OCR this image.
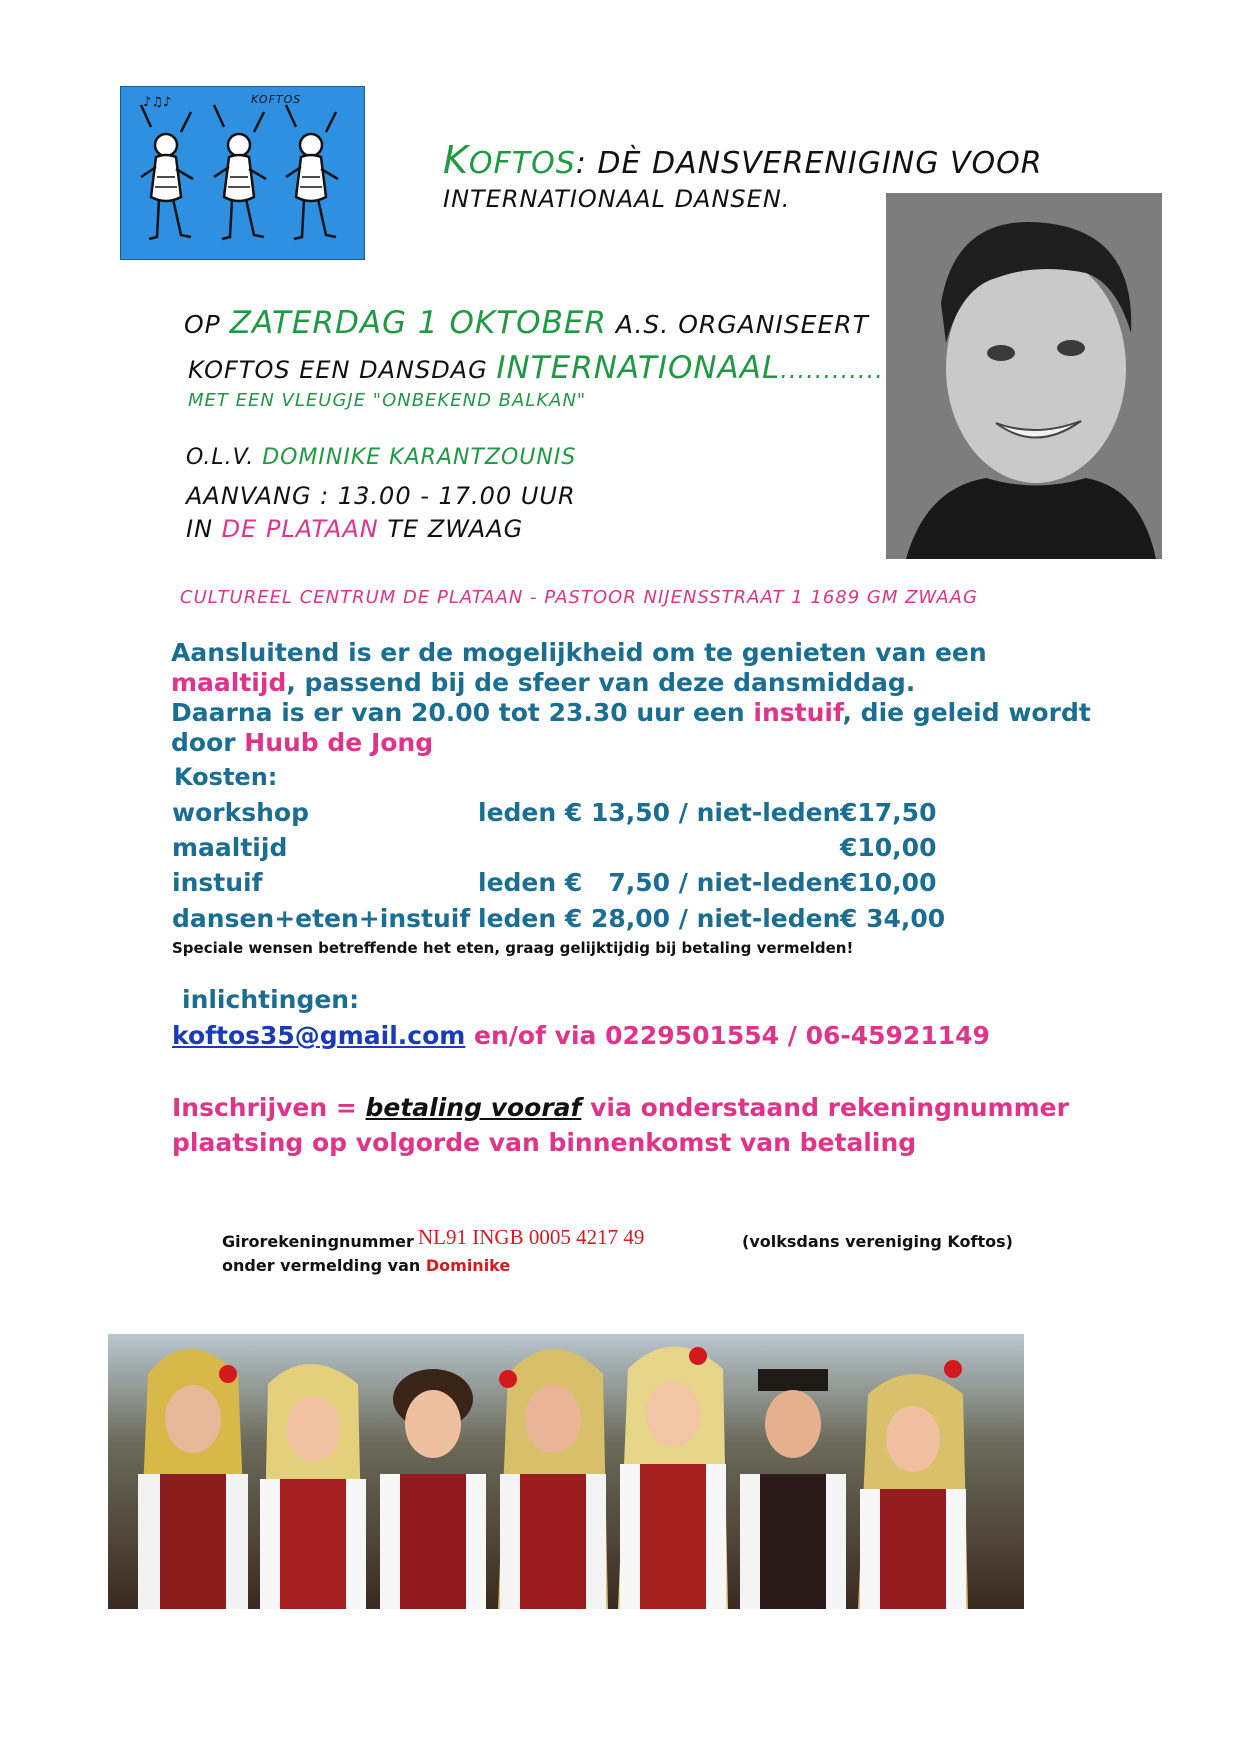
♪♫♪	KOFTOS
KOFTOS: DÈ DANSVERENIGING VOOR
INTERNATIONAAL DANSEN.
OP ZATERDAG 1 OKTOBER A.S. ORGANISEERT
KOFTOS EEN DANSDAG INTERNATIONAAL............
MET EEN VLEUGJE "ONBEKEND BALKAN"
O.L.V. DOMINIKE KARANTZOUNIS
AANVANG : 13.00 - 17.00 UUR
IN DE PLATAAN TE ZWAAG
CULTUREEL CENTRUM DE PLATAAN - PASTOOR NIJENSSTRAAT 1 1689 GM ZWAAG
Aansluitend is er de mogelijkheid om te genieten van een
maaltijd, passend bij de sfeer van deze dansmiddag.
Daarna is er van 20.00 tot 23.30 uur een instuif, die geleid wordt
door Huub de Jong
Kosten:
workshop	leden € 13,50 / niet-leden €17,50
maaltijd	€10,00
instuif	leden €   7,50 / niet-leden €10,00
dansen+eten+instuif leden € 28,00 / niet-leden € 34,00
Speciale wensen betreffende het eten, graag gelijktijdig bij betaling vermelden!
inlichtingen:
koftos35@gmail.com en/of via 0229501554 / 06-45921149
Inschrijven = betaling vooraf via onderstaand rekeningnummer
plaatsing op volgorde van binnenkomst van betaling
Girorekeningnummer NL91 INGB 0005 4217 49	(volksdans vereniging Koftos)
onder vermelding van Dominike
